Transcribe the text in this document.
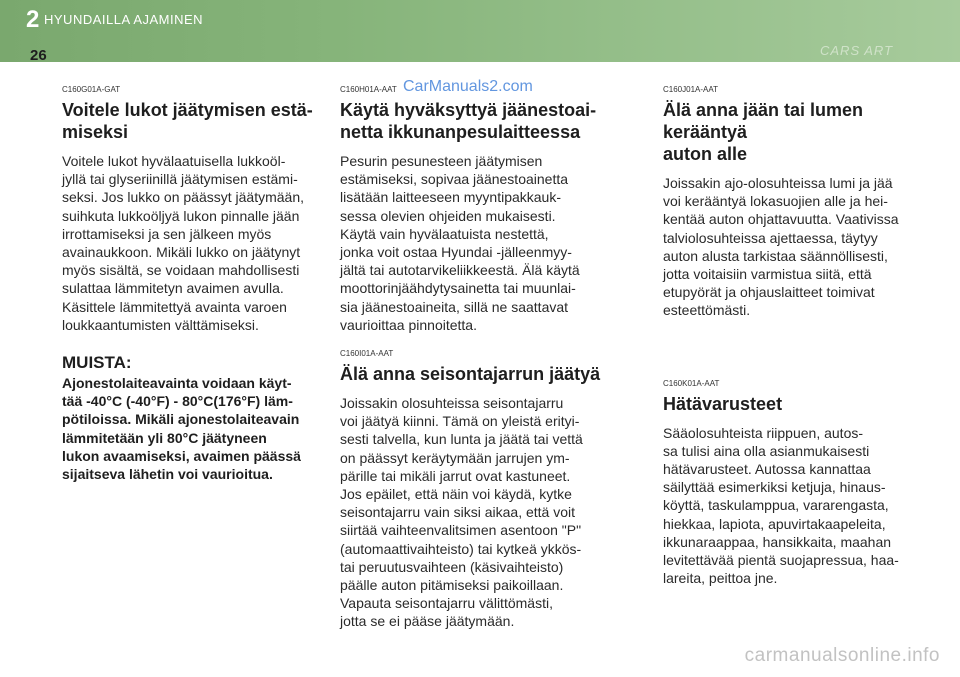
2 HYUNDAILLA AJAMINEN
26	CARS ART

C160G01A-GAT

Voitele lukot jäätymisen estä-
miseksi

Voitele lukot hyvälaatuisella lukkoöl-
jyllä tai glyseriinillä jäätymisen estämi-
seksi. Jos lukko on päässyt jäätymään,
suihkuta lukkoöljyä lukon pinnalle jään
irrottamiseksi ja sen jälkeen myös
avainaukkoon. Mikäli lukko on jäätynyt
myös sisältä, se voidaan mahdollisesti
sulattaa lämmitetyn avaimen avulla.
Käsittele lämmitettyä avainta varoen
loukkaantumisten välttämiseksi.

MUISTA:

Ajonestolaiteavainta voidaan käyt-
tää -40°C (-40°F) - 80°C(176°F) läm-
pötiloissa. Mikäli ajonestolaiteavain
lämmitetään yli 80°C jäätyneen
lukon avaamiseksi, avaimen päässä
sijaitseva lähetin voi vaurioitua.

C160H01A-AAT

Käytä hyväksyttyä jäänestoai-
netta ikkunanpesulaitteessa

Pesurin pesunesteen jäätymisen
estämiseksi, sopivaa jäänestoainetta
lisätään laitteeseen myyntipakkauk-
sessa olevien ohjeiden mukaisesti.
Käytä vain hyvälaatuista nestettä,
jonka voit ostaa Hyundai -jälleenmyy-
jältä tai autotarvikeliikkeestä. Älä käytä
moottorinjäähdytysainetta tai muunlai-
sia jäänestoaineita, sillä ne saattavat
vaurioittaa pinnoitetta.

C160I01A-AAT

Älä anna seisontajarrun jäätyä

Joissakin olosuhteissa seisontajarru
voi jäätyä kiinni. Tämä on yleistä erityi-
sesti talvella, kun lunta ja jäätä tai vettä
on päässyt keräytymään jarrujen ym-
pärille tai mikäli jarrut ovat kastuneet.
Jos epäilet, että näin voi käydä, kytke
seisontajarru vain siksi aikaa, että voit
siirtää vaihteenvalitsimen asentoon "P"
(automaattivaihteisto) tai kytkeä ykkös-
tai peruutusvaihteen (käsivaihteisto)
päälle auton pitämiseksi paikoillaan.
Vapauta seisontajarru välittömästi,
jotta se ei pääse jäätymään.

C160J01A-AAT

Älä anna jään tai lumen kerääntyä
auton alle

Joissakin ajo-olosuhteissa lumi ja jää
voi kerääntyä lokasuojien alle ja hei-
kentää auton ohjattavuutta. Vaativissa
talviolosuhteissa ajettaessa, täytyy
auton alusta tarkistaa säännöllisesti,
jotta voitaisiin varmistua siitä, että
etupyörät ja ohjauslaitteet toimivat
esteettömästi.

C160K01A-AAT

Hätävarusteet

Sääolosuhteista riippuen, autos-
sa tulisi aina olla asianmukaisesti
hätävarusteet. Autossa kannattaa
säilyttää esimerkiksi ketjuja, hinaus-
köyttä, taskulamppua, vararengasta,
hiekkaa, lapiota, apuvirtakaapeleita,
ikkunaraappaa, hansikkaita, maahan
levitettävää pientä suojapressua, haa-
lareita, peittoa jne.

CarManuals2.com
carmanualsonline.info
